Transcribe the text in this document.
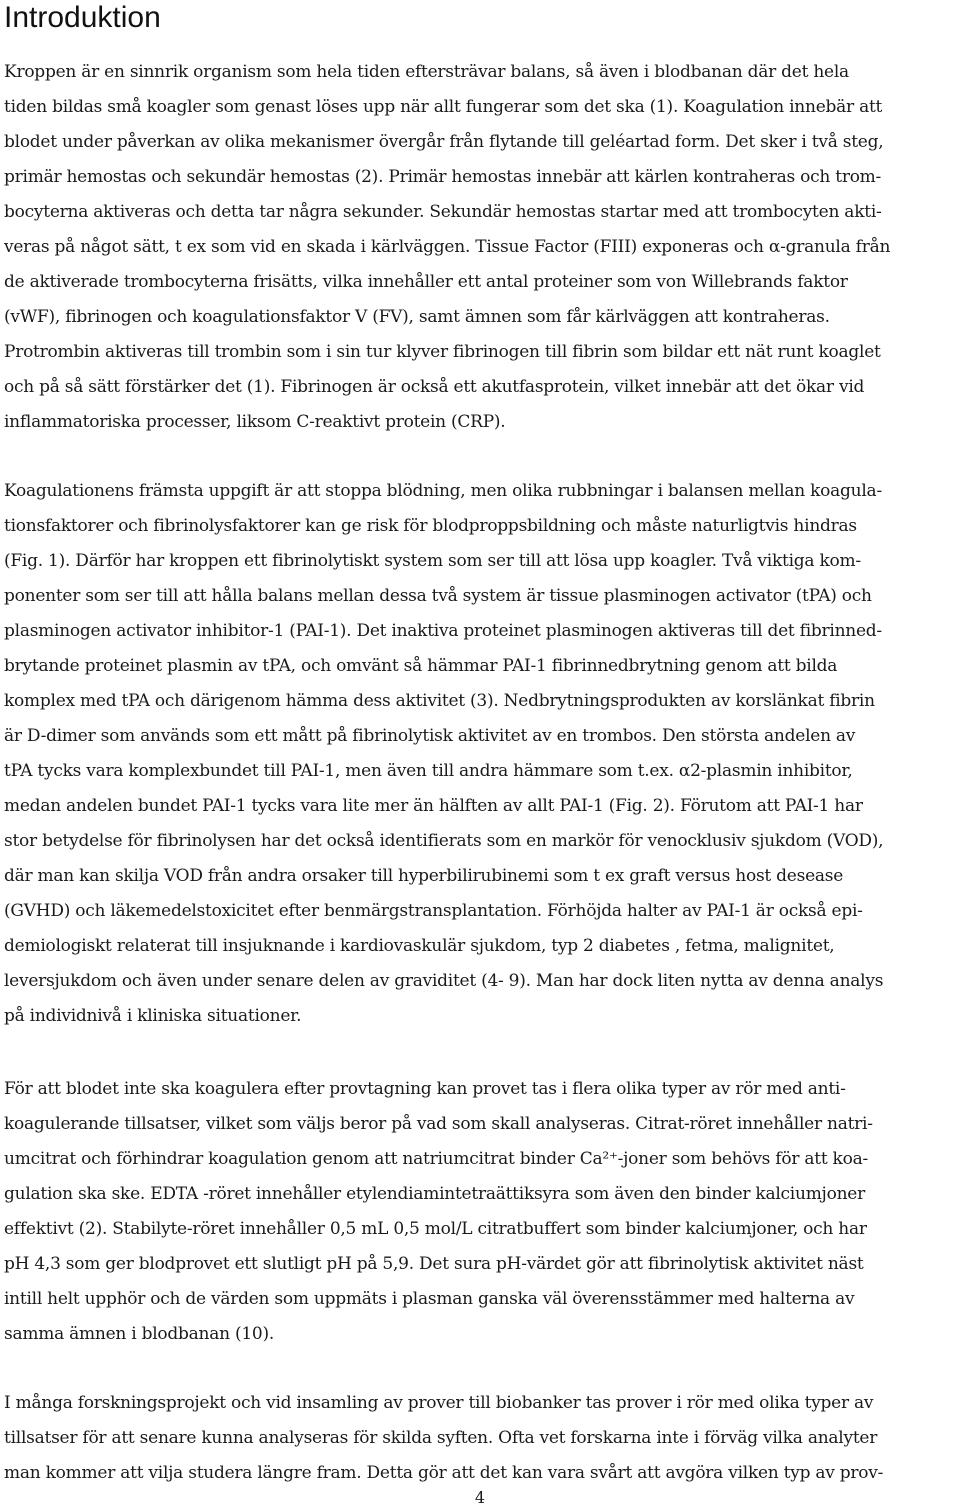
Introduktion
Kroppen är en sinnrik organism som hela tiden eftersträvar balans, så även i blodbanan där det hela
tiden bildas små koagler som genast löses upp när allt fungerar som det ska (1). Koagulation innebär att
blodet under påverkan av olika mekanismer övergår från flytande till geléartad form. Det sker i två steg,
primär hemostas och sekundär hemostas (2). Primär hemostas innebär att kärlen kontraheras och trom-
bocyterna aktiveras och detta tar några sekunder. Sekundär hemostas startar med att trombocyten akti-
veras på något sätt, t ex som vid en skada i kärlväggen. Tissue Factor (FIII) exponeras och α-granula från
de aktiverade trombocyterna frisätts, vilka innehåller ett antal proteiner som von Willebrands faktor
(vWF), fibrinogen och koagulationsfaktor V (FV), samt ämnen som får kärlväggen att kontraheras.
Protrombin aktiveras till trombin som i sin tur klyver fibrinogen till fibrin som bildar ett nät runt koaglet
och på så sätt förstärker det (1). Fibrinogen är också ett akutfasprotein, vilket innebär att det ökar vid
inflammatoriska processer, liksom C-reaktivt protein (CRP).
Koagulationens främsta uppgift är att stoppa blödning, men olika rubbningar i balansen mellan koagula-
tionsfaktorer och fibrinolysfaktorer kan ge risk för blodproppsbildning och måste naturligtvis hindras
(Fig. 1). Därför har kroppen ett fibrinolytiskt system som ser till att lösa upp koagler. Två viktiga kom-
ponenter som ser till att hålla balans mellan dessa två system är tissue plasminogen activator (tPA) och
plasminogen activator inhibitor-1 (PAI-1). Det inaktiva proteinet plasminogen aktiveras till det fibrinned-
brytande proteinet plasmin av tPA, och omvänt så hämmar PAI-1 fibrinnedbrytning genom att bilda
komplex med tPA och därigenom hämma dess aktivitet (3). Nedbrytningsprodukten av korslänkat fibrin
är D-dimer som används som ett mått på fibrinolytisk aktivitet av en trombos. Den största andelen av
tPA tycks vara komplexbundet till PAI-1, men även till andra hämmare som t.ex. α2-plasmin inhibitor,
medan andelen bundet PAI-1 tycks vara lite mer än hälften av allt PAI-1 (Fig. 2). Förutom att PAI-1 har
stor betydelse för fibrinolysen har det också identifierats som en markör för venocklusiv sjukdom (VOD),
där man kan skilja VOD från andra orsaker till hyperbilirubinemi som t ex graft versus host desease
(GVHD) och läkemedelstoxicitet efter benmärgstransplantation. Förhöjda halter av PAI-1 är också epi-
demiologiskt relaterat till insjuknande i kardiovaskulär sjukdom, typ 2 diabetes , fetma, malignitet,
leversjukdom och även under senare delen av graviditet (4- 9). Man har dock liten nytta av denna analys
på individnivå i kliniska situationer.
För att blodet inte ska koagulera efter provtagning kan provet tas i flera olika typer av rör med anti-
koagulerande tillsatser, vilket som väljs beror på vad som skall analyseras. Citrat-röret innehåller natri-
umcitrat och förhindrar koagulation genom att natriumcitrat binder Ca²⁺-joner som behövs för att koa-
gulation ska ske. EDTA -röret innehåller etylendiamintetraättiksyra som även den binder kalciumjoner
effektivt (2). Stabilyte-röret innehåller 0,5 mL 0,5 mol/L citratbuffert som binder kalciumjoner, och har
pH 4,3 som ger blodprovet ett slutligt pH på 5,9. Det sura pH-värdet gör att fibrinolytisk aktivitet näst
intill helt upphör och de värden som uppmäts i plasman ganska väl överensstämmer med halterna av
samma ämnen i blodbanan (10).
I många forskningsprojekt och vid insamling av prover till biobanker tas prover i rör med olika typer av
tillsatser för att senare kunna analyseras för skilda syften. Ofta vet forskarna inte i förväg vilka analyter
man kommer att vilja studera längre fram. Detta gör att det kan vara svårt att avgöra vilken typ av prov-
4
